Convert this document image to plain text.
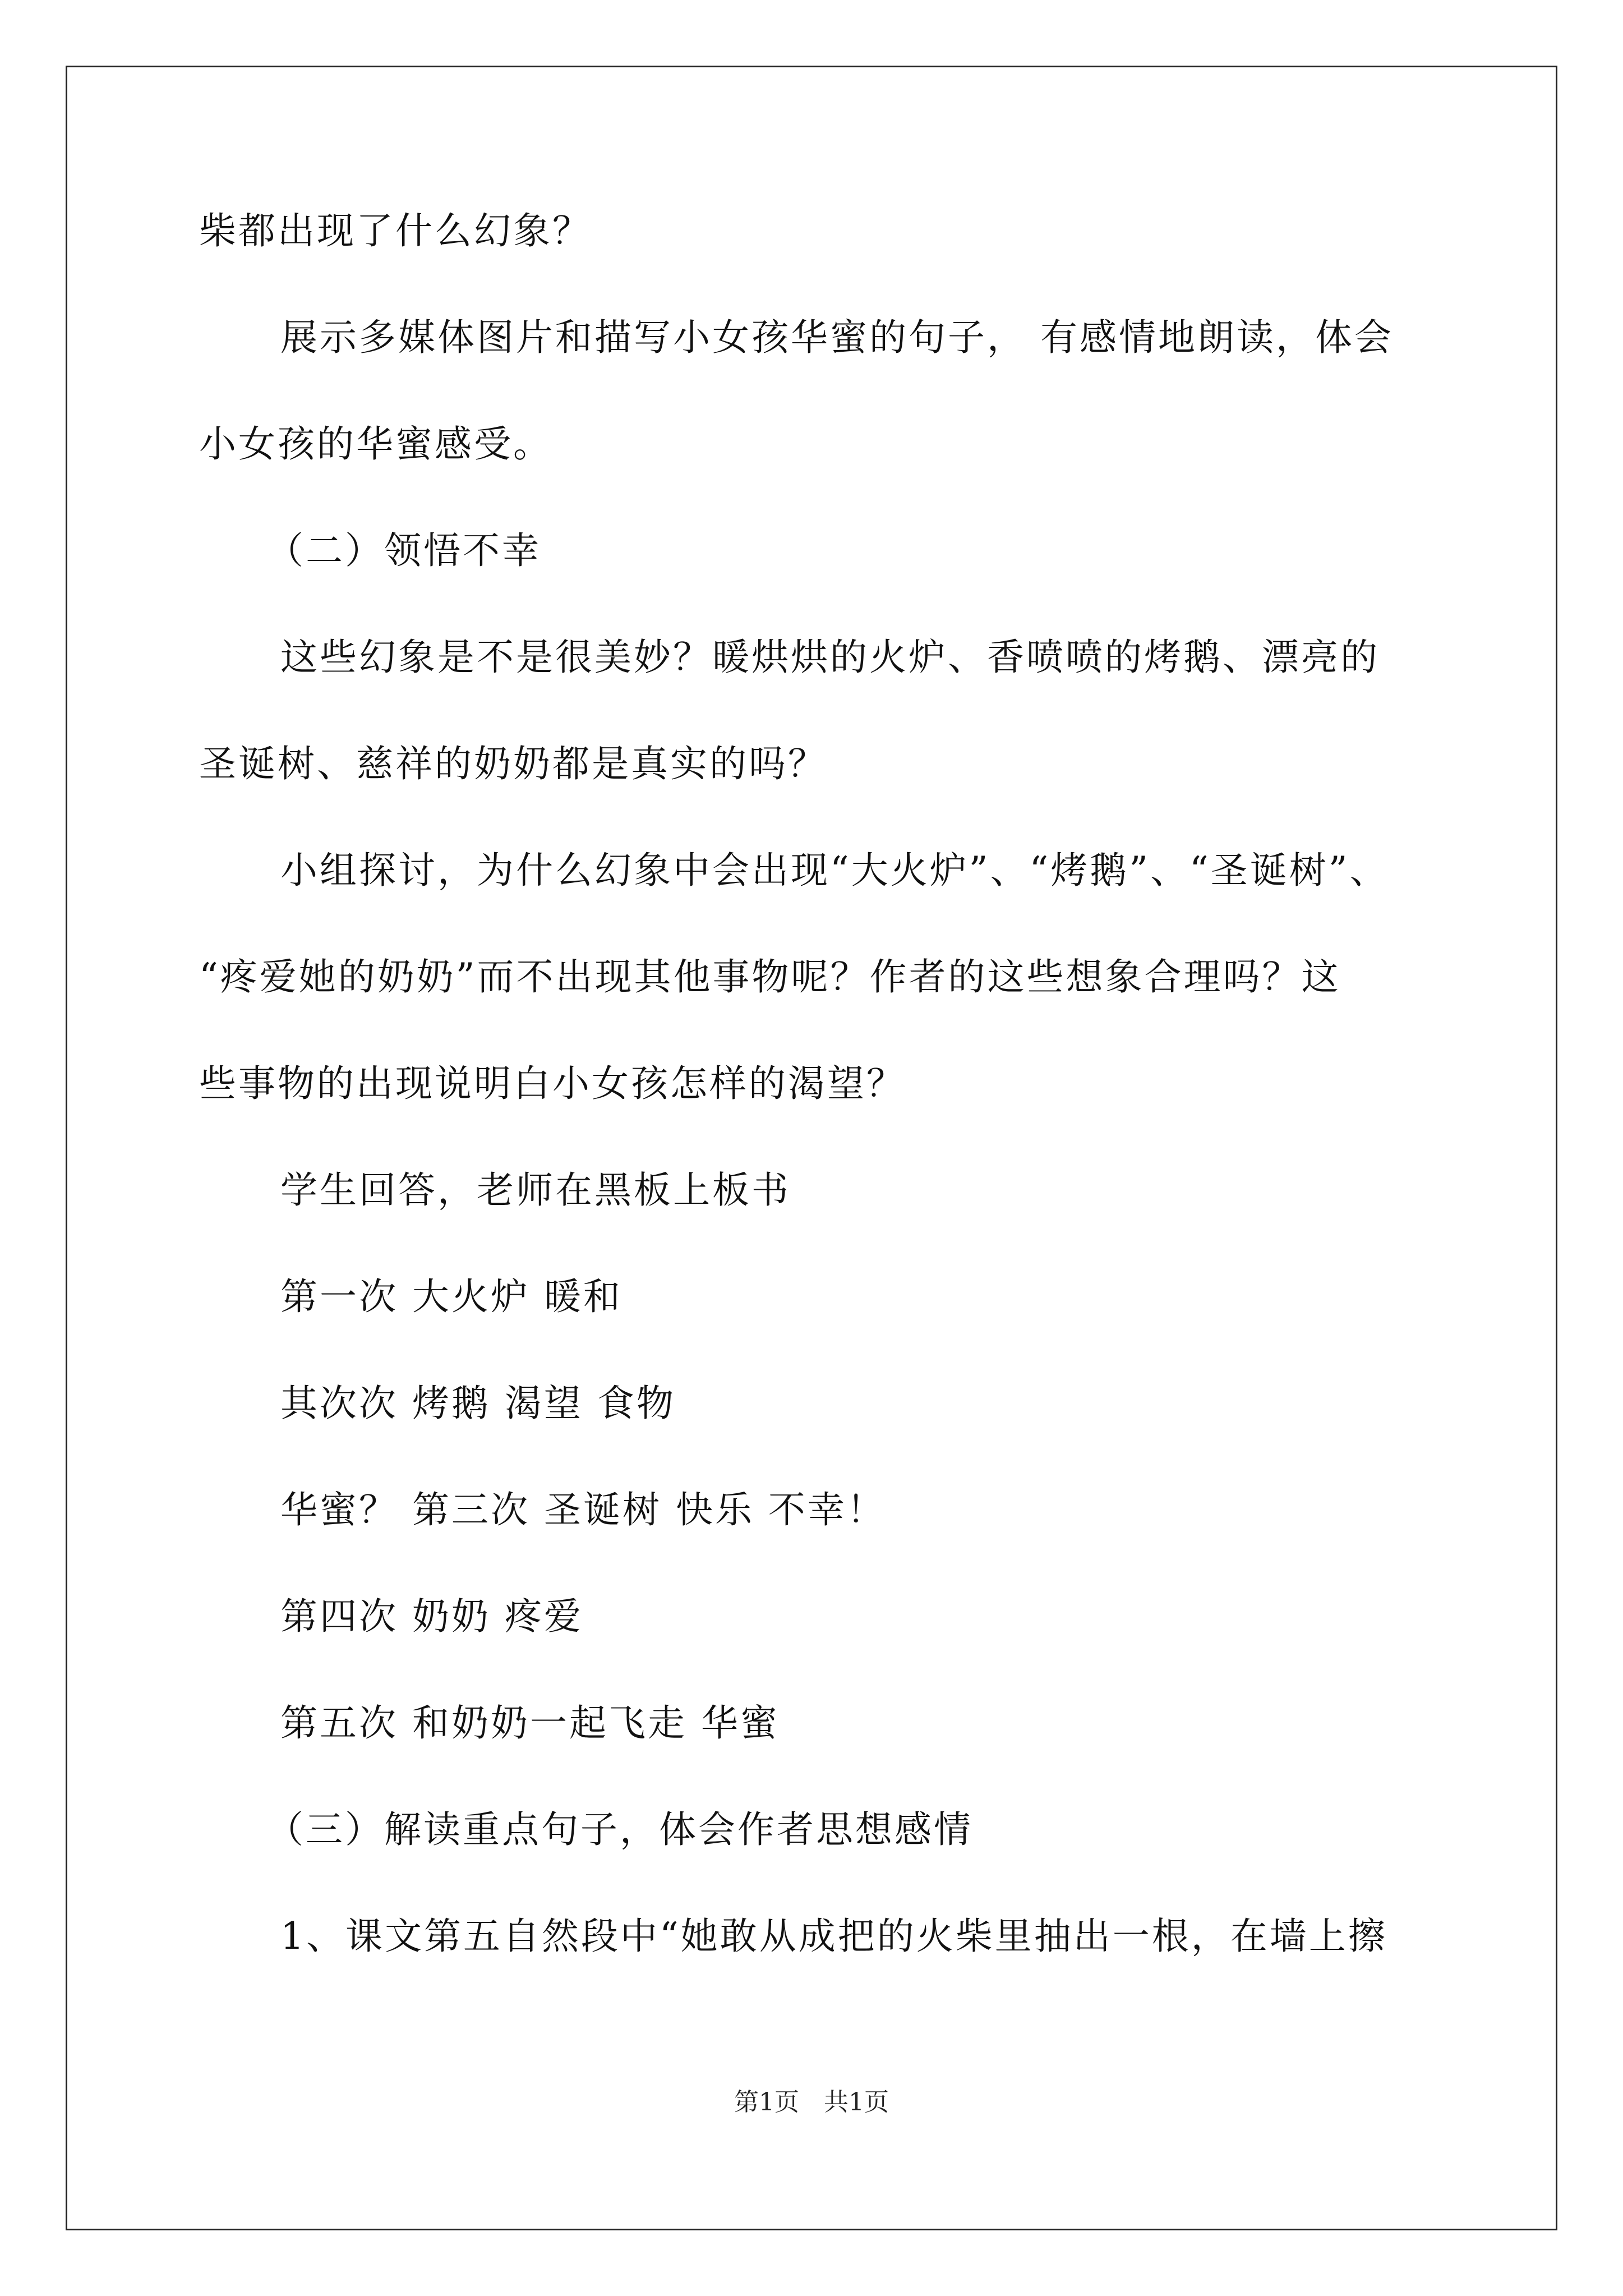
柴都出现了什么幻象？
展示多媒体图片和描写小女孩华蜜的句子， 有感情地朗读，体会
小女孩的华蜜感受。
（二）领悟不幸
这些幻象是不是很美妙？暖烘烘的火炉、香喷喷的烤鹅、漂亮的
圣诞树、慈祥的奶奶都是真实的吗？
小组探讨，为什么幻象中会出现“大火炉”、“烤鹅”、“圣诞树”、
“疼爱她的奶奶”而不出现其他事物呢？作者的这些想象合理吗？这
些事物的出现说明白小女孩怎样的渴望？
学生回答，老师在黑板上板书
第一次 大火炉 暖和
其次次 烤鹅 渴望 食物
华蜜？ 第三次 圣诞树 快乐 不幸！
第四次 奶奶 疼爱
第五次 和奶奶一起飞走 华蜜
（三）解读重点句子，体会作者思想感情
1、课文第五自然段中“她敢从成把的火柴里抽出一根，在墙上擦
第1页　共1页
